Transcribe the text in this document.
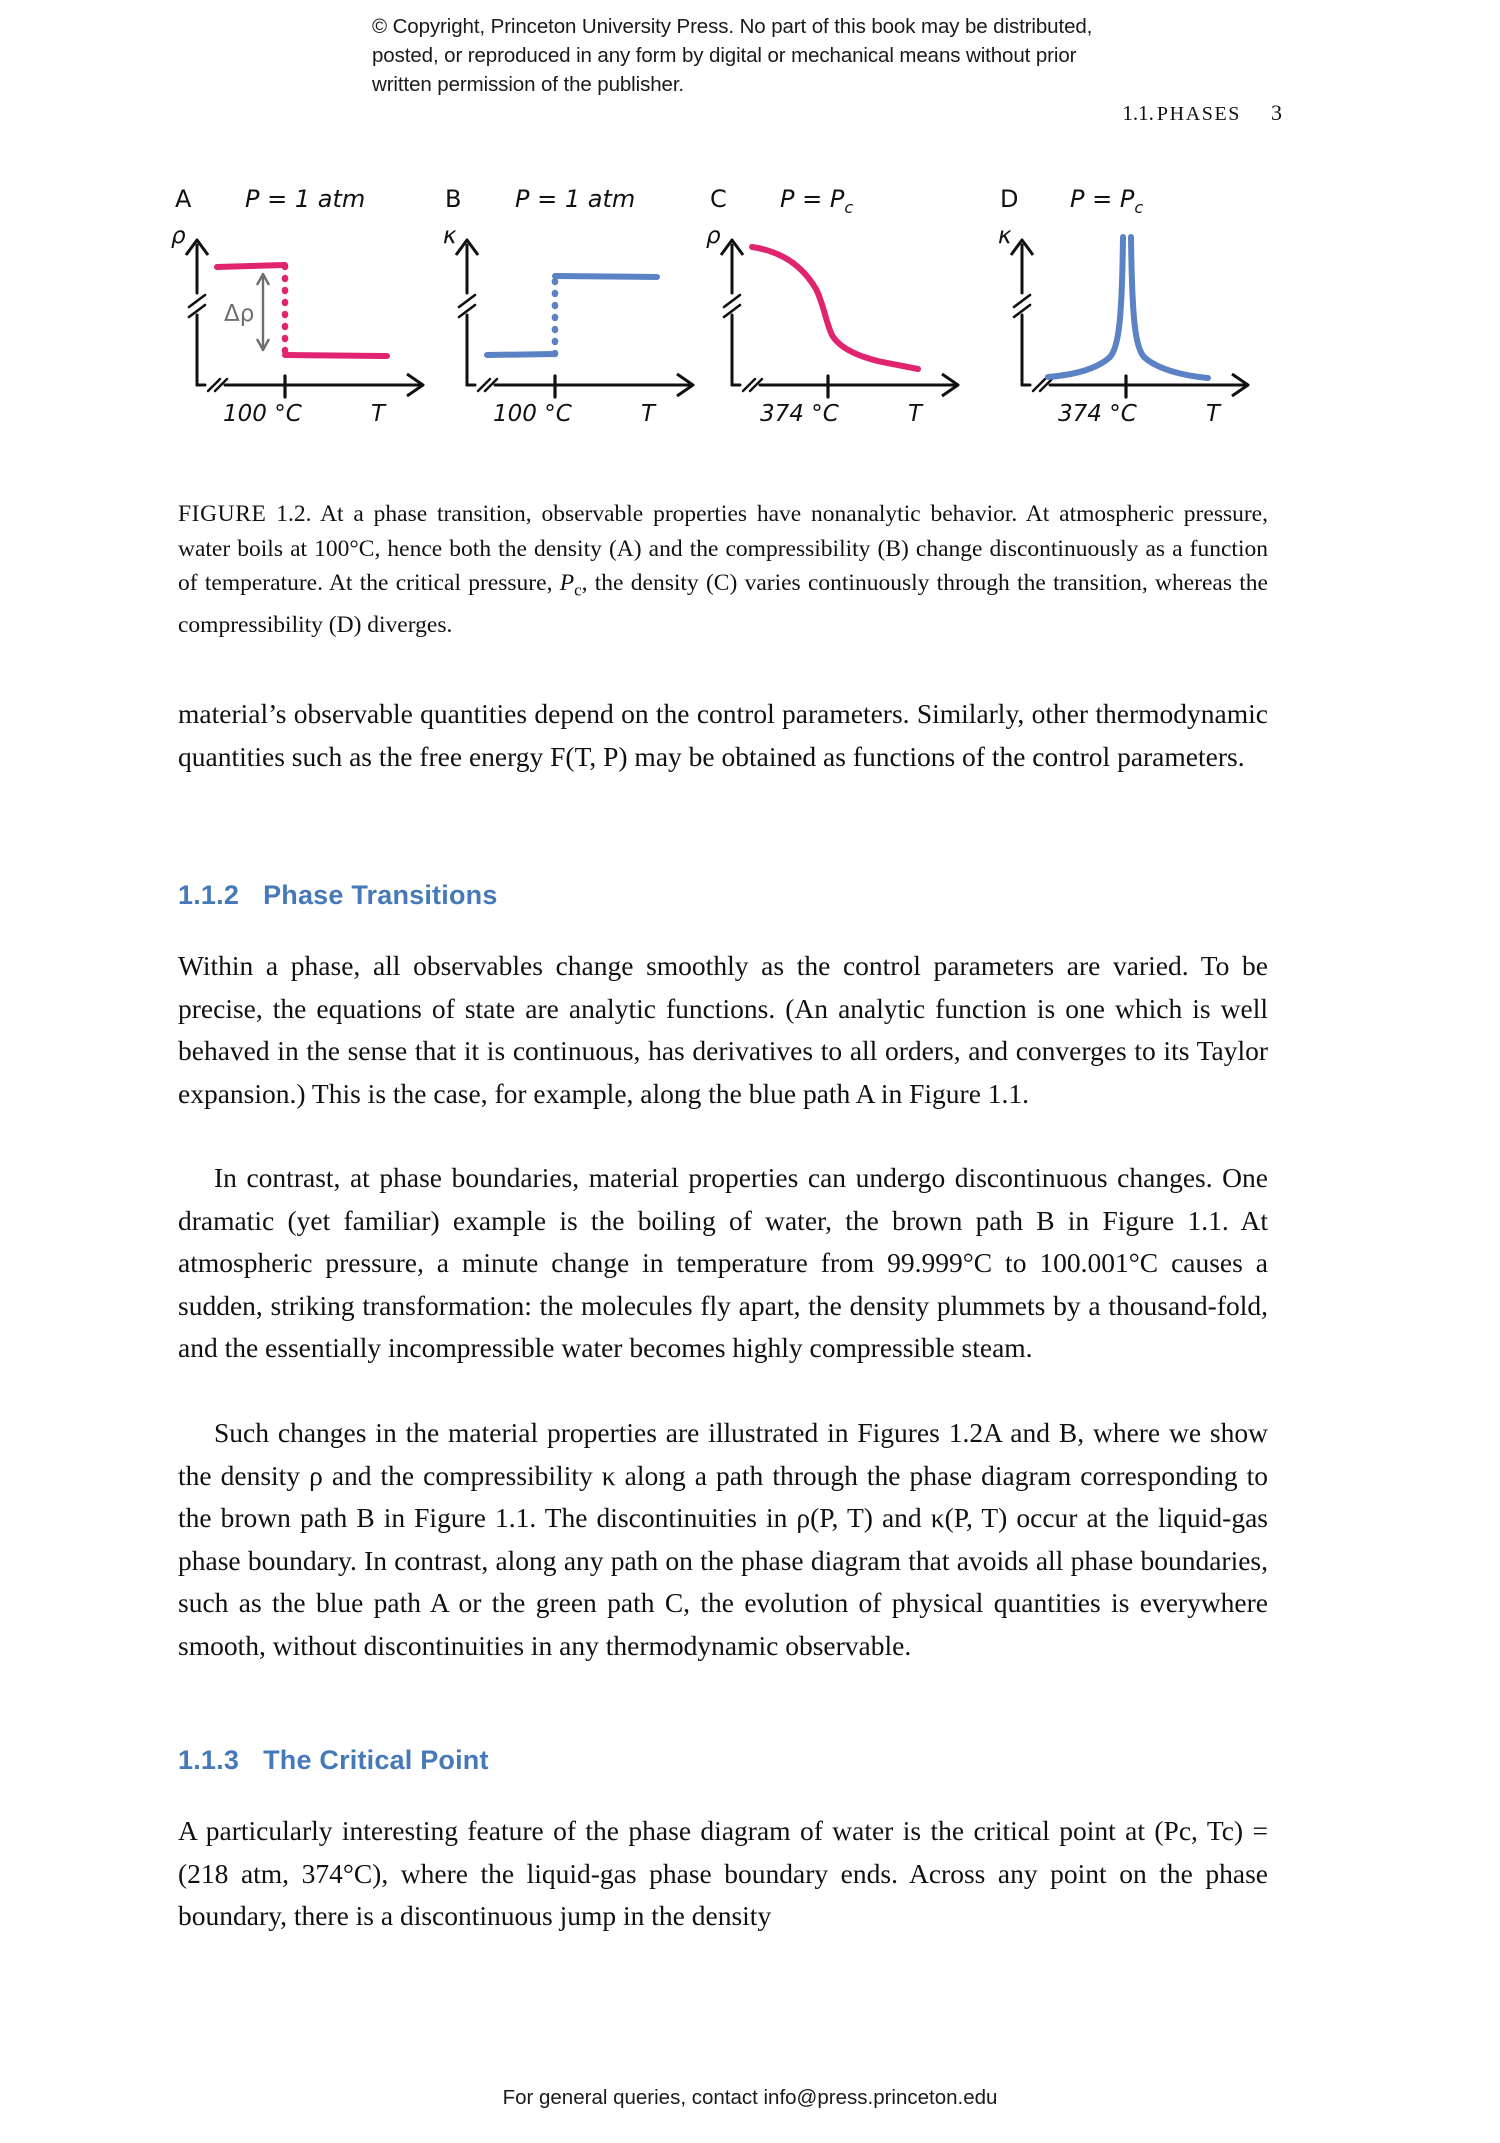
© Copyright, Princeton University Press. No part of this book may be distributed, posted, or reproduced in any form by digital or mechanical means without prior written permission of the publisher.
1.1. PHASES 3
A P = 1 atm
ρ
100 °C	T
Δρ
B P = 1 atm
κ
100 °C	T
C $P = P_c$
ρ
374 °C	T
D $P = P_c$
κ
374 °C	T
FIGURE 1.2. At a phase transition, observable properties have nonanalytic behavior. At atmospheric pressure, water boils at 100°C, hence both the density (A) and the compressibility (B) change discontinuously as a function of temperature. At the critical pressure, $P_c$, the density (C) varies continuously through the transition, whereas the compressibility (D) diverges.
material’s observable quantities depend on the control parameters. Similarly, other thermodynamic quantities such as the free energy F(T, P) may be obtained as functions of the control parameters.
1.1.2 Phase Transitions
Within a phase, all observables change smoothly as the control parameters are varied. To be precise, the equations of state are analytic functions. (An analytic function is one which is well behaved in the sense that it is continuous, has derivatives to all orders, and converges to its Taylor expansion.) This is the case, for example, along the blue path A in Figure 1.1.
In contrast, at phase boundaries, material properties can undergo discontinuous changes. One dramatic (yet familiar) example is the boiling of water, the brown path B in Figure 1.1. At atmospheric pressure, a minute change in temperature from 99.999°C to 100.001°C causes a sudden, striking transformation: the molecules fly apart, the density plummets by a thousand-fold, and the essentially incompressible water becomes highly compressible steam.
Such changes in the material properties are illustrated in Figures 1.2A and B, where we show the density ρ and the compressibility κ along a path through the phase diagram corresponding to the brown path B in Figure 1.1. The discontinuities in ρ(P, T) and κ(P, T) occur at the liquid-gas phase boundary. In contrast, along any path on the phase diagram that avoids all phase boundaries, such as the blue path A or the green path C, the evolution of physical quantities is everywhere smooth, without discontinuities in any thermodynamic observable.
1.1.3 The Critical Point
A particularly interesting feature of the phase diagram of water is the critical point at (Pc, Tc) = (218 atm, 374°C), where the liquid-gas phase boundary ends. Across any point on the phase boundary, there is a discontinuous jump in the density
For general queries, contact info@press.princeton.edu
